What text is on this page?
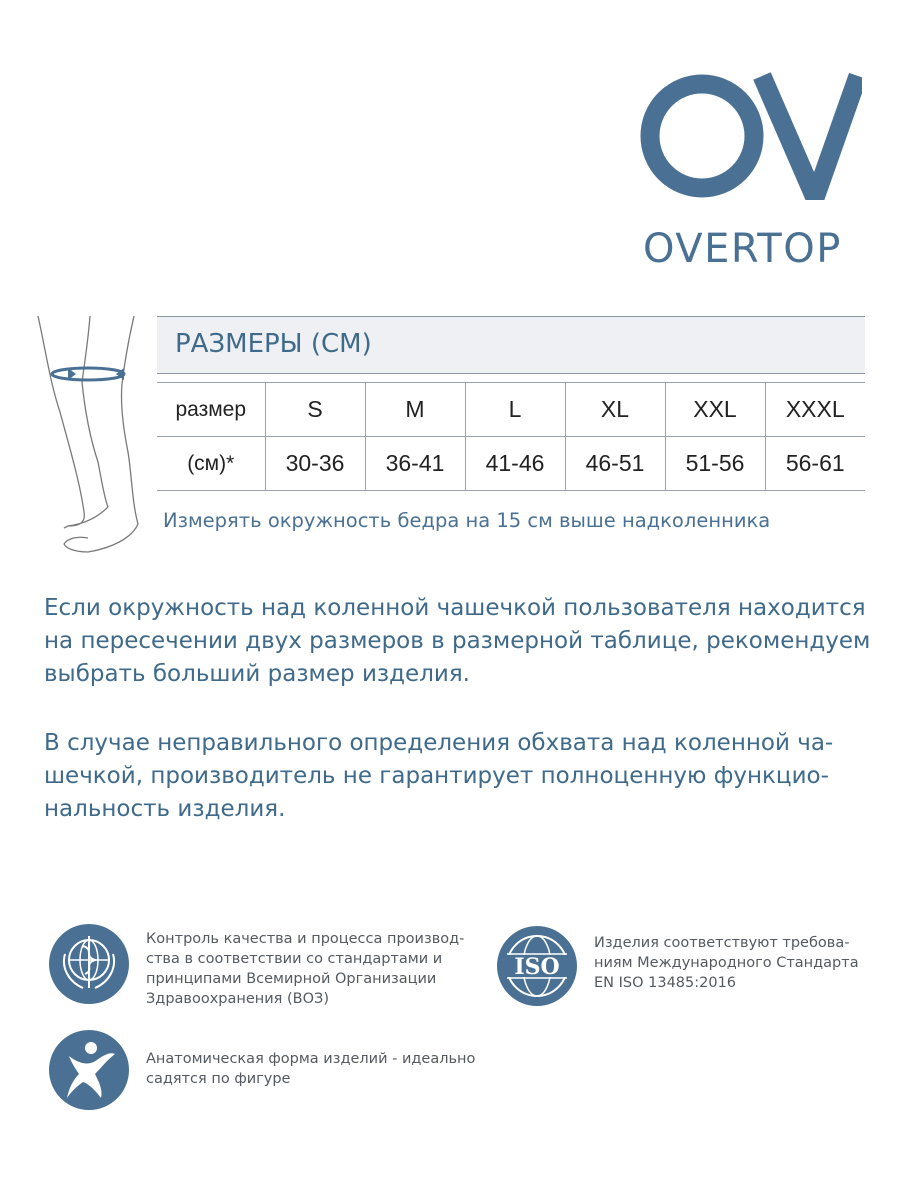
OVERTOP
РАЗМЕРЫ (СМ)
размер	S	M	L	XL	XXL	XXXL
(см)*	30-36	36-41	41-46	46-51	51-56	56-61
Измерять окружность бедра на 15 см выше надколенника

Если окружность над коленной чашечкой пользователя находится на пересечении двух размеров в размерной таблице, рекомендуем выбрать больший размер изделия.

В случае неправильного определения обхвата над коленной ча-шечкой, производитель не гарантирует полноценную функцио-нальность изделия.

Контроль качества и процесса производ-
ства в соответствии со стандартами и
принципами Всемирной Организации
Здравоохранения (ВОЗ)
ISO
Изделия соответствуют требова-
ниям Международного Стандарта
EN ISO 13485:2016
Анатомическая форма изделий - идеально
садятся по фигуре
